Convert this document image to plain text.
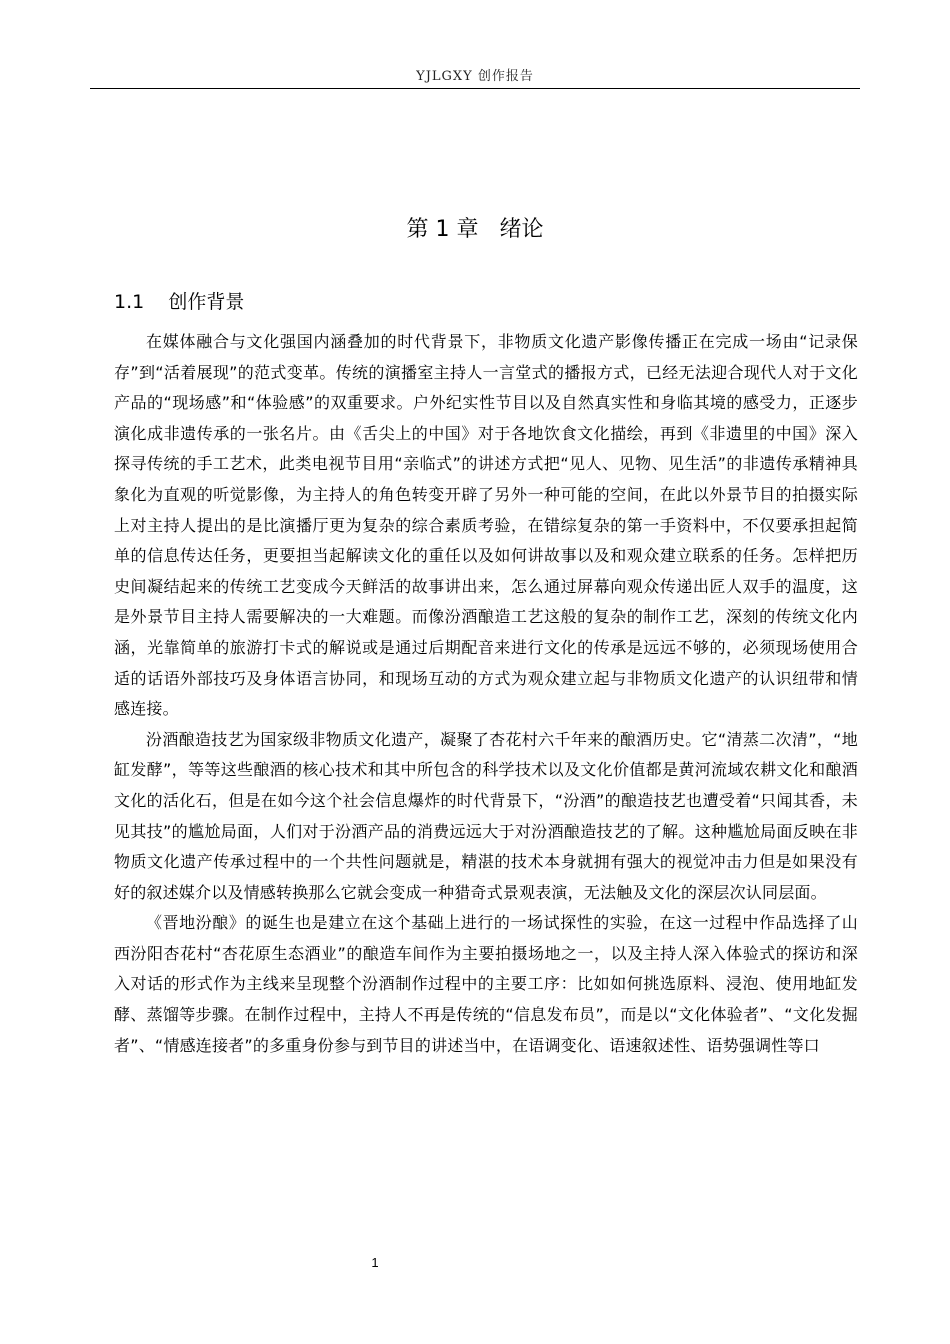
YJLGXY 创作报告
第 1 章   绪论
1.1    创作背景

在媒体融合与文化强国内涵叠加的时代背景下，非物质文化遗产影像传播正在完成一场由“记录保存”到“活着展现”的范式变革。传统的演播室主持人一言堂式的播报方式，已经无法迎合现代人对于文化产品的“现场感”和“体验感”的双重要求。户外纪实性节目以及自然真实性和身临其境的感受力，正逐步演化成非遗传承的一张名片。由《舌尖上的中国》对于各地饮食文化描绘，再到《非遗里的中国》深入探寻传统的手工艺术，此类电视节目用“亲临式”的讲述方式把“见人、见物、见生活”的非遗传承精神具象化为直观的听觉影像，为主持人的角色转变开辟了另外一种可能的空间，在此以外景节目的拍摄实际上对主持人提出的是比演播厅更为复杂的综合素质考验，在错综复杂的第一手资料中，不仅要承担起简单的信息传达任务，更要担当起解读文化的重任以及如何讲故事以及和观众建立联系的任务。怎样把历史间凝结起来的传统工艺变成今天鲜活的故事讲出来，怎么通过屏幕向观众传递出匠人双手的温度，这是外景节目主持人需要解决的一大难题。而像汾酒酿造工艺这般的复杂的制作工艺，深刻的传统文化内涵，光靠简单的旅游打卡式的解说或是通过后期配音来进行文化的传承是远远不够的，必须现场使用合适的话语外部技巧及身体语言协同，和现场互动的方式为观众建立起与非物质文化遗产的认识纽带和情感连接。

汾酒酿造技艺为国家级非物质文化遗产，凝聚了杏花村六千年来的酿酒历史。它“清蒸二次清”，“地缸发酵”，等等这些酿酒的核心技术和其中所包含的科学技术以及文化价值都是黄河流域农耕文化和酿酒文化的活化石，但是在如今这个社会信息爆炸的时代背景下，“汾酒”的酿造技艺也遭受着“只闻其香，未见其技”的尴尬局面，人们对于汾酒产品的消费远远大于对汾酒酿造技艺的了解。这种尴尬局面反映在非物质文化遗产传承过程中的一个共性问题就是，精湛的技术本身就拥有强大的视觉冲击力但是如果没有好的叙述媒介以及情感转换那么它就会变成一种猎奇式景观表演，无法触及文化的深层次认同层面。

《晋地汾酿》的诞生也是建立在这个基础上进行的一场试探性的实验，在这一过程中作品选择了山西汾阳杏花村“杏花原生态酒业”的酿造车间作为主要拍摄场地之一，以及主持人深入体验式的探访和深入对话的形式作为主线来呈现整个汾酒制作过程中的主要工序：比如如何挑选原料、浸泡、使用地缸发酵、蒸馏等步骤。在制作过程中，主持人不再是传统的“信息发布员”，而是以“文化体验者”、“文化发掘者”、“情感连接者”的多重身份参与到节目的讲述当中，在语调变化、语速叙述性、语势强调性等口

1
